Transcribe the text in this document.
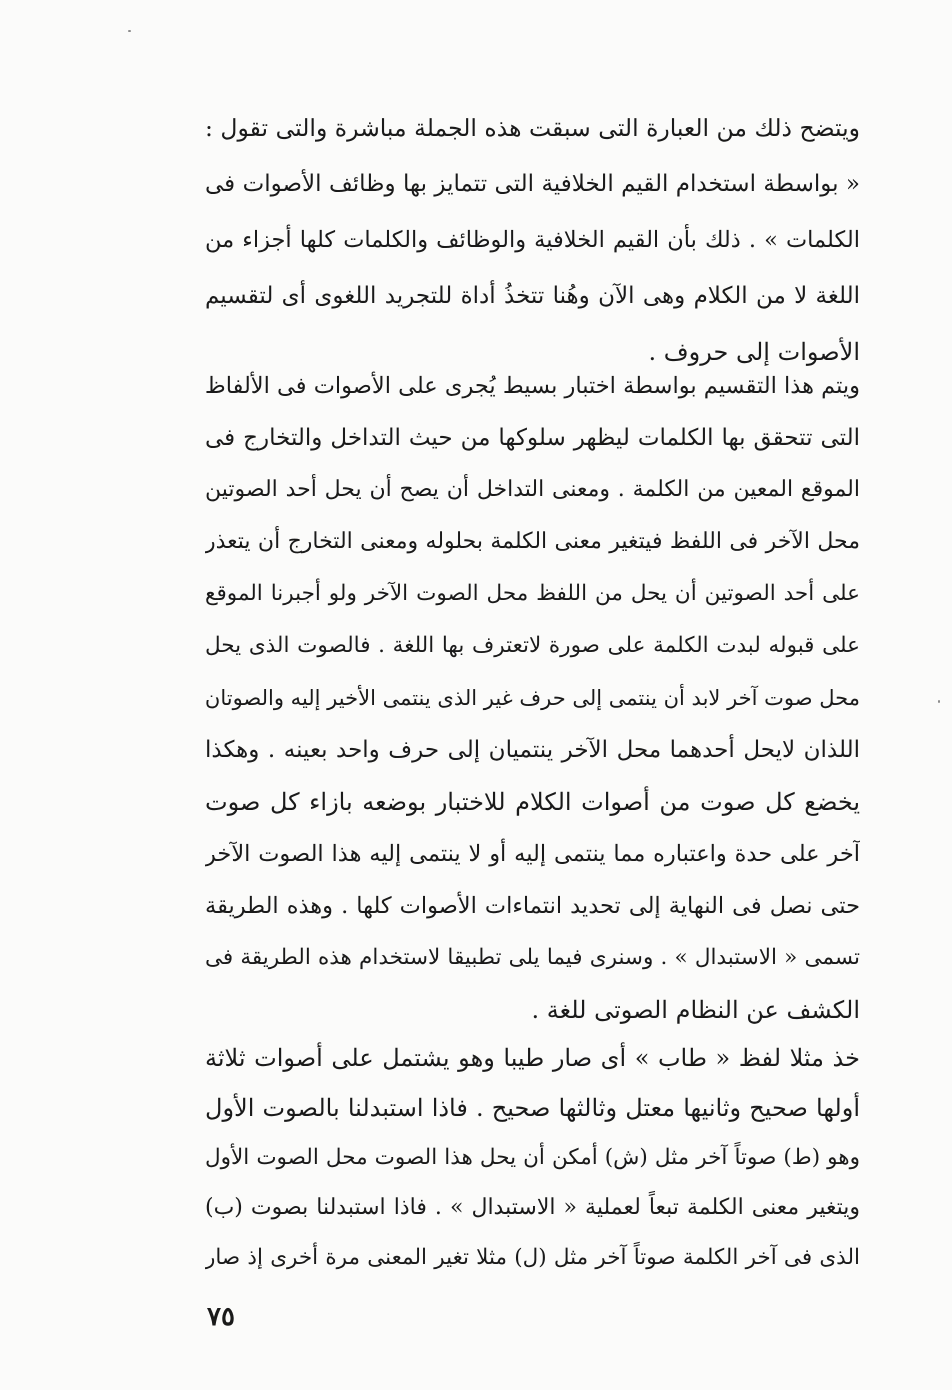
ويتضح ذلك من العبارة التى سبقت هذه الجملة مباشرة والتى تقول :
« بواسطة استخدام القيم الخلافية التى تتمايز بها وظائف الأصوات فى
الكلمات » . ذلك بأن القيم الخلافية والوظائف والكلمات كلها أجزاء من
اللغة لا من الكلام وهى الآن وهُنا تتخذُ أداة للتجريد اللغوى أى لتقسيم
الأصوات إلى حروف .
ويتم هذا التقسيم بواسطة اختبار بسيط يُجرى على الأصوات فى الألفاظ
التى تتحقق بها الكلمات ليظهر سلوكها من حيث التداخل والتخارج فى
الموقع المعين من الكلمة . ومعنى التداخل أن يصح أن يحل أحد الصوتين
محل الآخر فى اللفظ فيتغير معنى الكلمة بحلوله ومعنى التخارج أن يتعذر
على أحد الصوتين أن يحل من اللفظ محل الصوت الآخر ولو أجبرنا الموقع
على قبوله لبدت الكلمة على صورة لاتعترف بها اللغة . فالصوت الذى يحل
محل صوت آخر لابد أن ينتمى إلى حرف غير الذى ينتمى الأخير إليه والصوتان
اللذان لايحل أحدهما محل الآخر ينتميان إلى حرف واحد بعينه . وهكذا
يخضع كل صوت من أصوات الكلام للاختبار بوضعه بازاء كل صوت
آخر على حدة واعتباره مما ينتمى إليه أو لا ينتمى إليه هذا الصوت الآخر
حتى نصل فى النهاية إلى تحديد انتماءات الأصوات كلها . وهذه الطريقة
تسمى « الاستبدال » . وسنرى فيما يلى تطبيقا لاستخدام هذه الطريقة فى
الكشف عن النظام الصوتى للغة .
خذ مثلا لفظ « طاب » أى صار طيبا وهو يشتمل على أصوات ثلاثة
أولها صحيح وثانيها معتل وثالثها صحيح . فاذا استبدلنا بالصوت الأول
وهو (ط) صوتاً آخر مثل (ش) أمكن أن يحل هذا الصوت محل الصوت الأول
ويتغير معنى الكلمة تبعاً لعملية « الاستبدال » . فاذا استبدلنا بصوت (ب)
الذى فى آخر الكلمة صوتاً آخر مثل (ل) مثلا تغير المعنى مرة أخرى إذ صار
٧٥
